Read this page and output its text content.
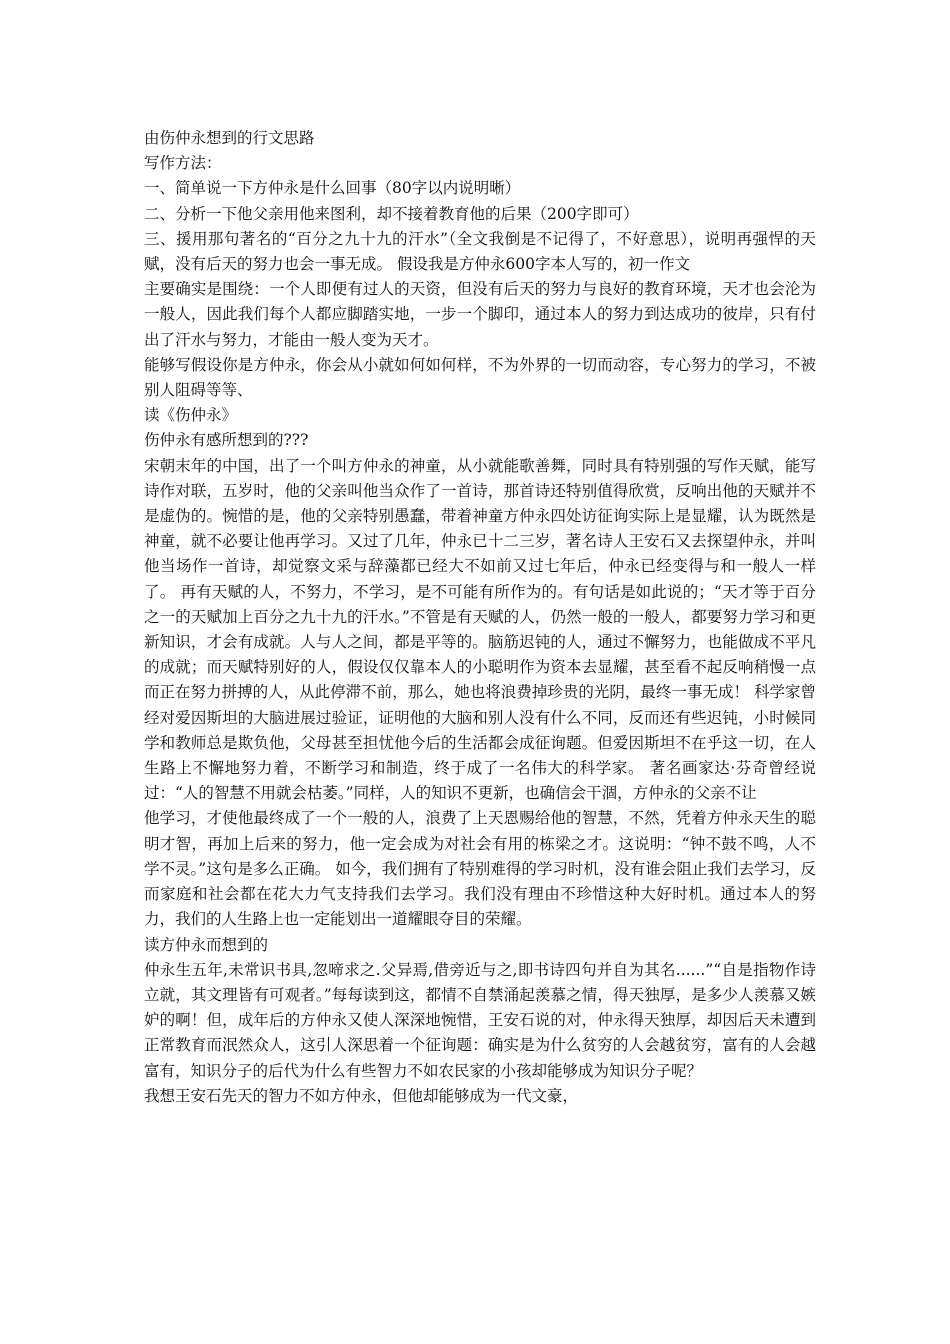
由伤仲永想到的行文思路
写作方法：
一、简单说一下方仲永是什么回事（80字以内说明晰）
二、分析一下他父亲用他来图利，却不接着教育他的后果（200字即可）
三、援用那句著名的“百分之九十九的汗水”（全文我倒是不记得了，不好意思），说明再强悍的天赋，没有后天的努力也会一事无成。 假设我是方仲永600字本人写的，初一作文
主要确实是围绕：一个人即便有过人的天资，但没有后天的努力与良好的教育环境，天才也会沦为一般人，因此我们每个人都应脚踏实地，一步一个脚印，通过本人的努力到达成功的彼岸，只有付出了汗水与努力，才能由一般人变为天才。
能够写假设你是方仲永，你会从小就如何如何样，不为外界的一切而动容，专心努力的学习，不被别人阻碍等等、
读《伤仲永》
伤仲永有感所想到的???
宋朝末年的中国，出了一个叫方仲永的神童，从小就能歌善舞，同时具有特别强的写作天赋，能写诗作对联，五岁时，他的父亲叫他当众作了一首诗，那首诗还特别值得欣赏，反响出他的天赋并不是虚伪的。惋惜的是，他的父亲特别愚蠢，带着神童方仲永四处访征询实际上是显耀，认为既然是神童，就不必要让他再学习。又过了几年，仲永已十二三岁，著名诗人王安石又去探望仲永，并叫他当场作一首诗，却觉察文采与辞藻都已经大不如前又过七年后，仲永已经变得与和一般人一样了。 再有天赋的人，不努力，不学习，是不可能有所作为的。有句话是如此说的；“天才等于百分之一的天赋加上百分之九十九的汗水。”不管是有天赋的人，仍然一般的一般人，都要努力学习和更新知识，才会有成就。人与人之间，都是平等的。脑筋迟钝的人，通过不懈努力，也能做成不平凡的成就；而天赋特别好的人，假设仅仅靠本人的小聪明作为资本去显耀，甚至看不起反响稍慢一点而正在努力拼搏的人，从此停滞不前，那么，她也将浪费掉珍贵的光阴，最终一事无成！ 科学家曾经对爱因斯坦的大脑进展过验证，证明他的大脑和别人没有什么不同，反而还有些迟钝，小时候同学和教师总是欺负他，父母甚至担忧他今后的生活都会成征询题。但爱因斯坦不在乎这一切，在人生路上不懈地努力着，不断学习和制造，终于成了一名伟大的科学家。 著名画家达·芬奇曾经说过：“人的智慧不用就会枯萎。”同样，人的知识不更新，也确信会干涸，方仲永的父亲不让
他学习，才使他最终成了一个一般的人，浪费了上天恩赐给他的智慧，不然，凭着方仲永天生的聪明才智，再加上后来的努力，他一定会成为对社会有用的栋梁之才。这说明：“钟不鼓不鸣，人不学不灵。”这句是多么正确。 如今，我们拥有了特别难得的学习时机，没有谁会阻止我们去学习，反而家庭和社会都在花大力气支持我们去学习。我们没有理由不珍惜这种大好时机。通过本人的努力，我们的人生路上也一定能划出一道耀眼夺目的荣耀。
读方仲永而想到的
仲永生五年,未常识书具,忽啼求之.父异焉,借旁近与之,即书诗四句并自为其名......”“自是指物作诗立就，其文理皆有可观者。”每每读到这，都情不自禁涌起羡慕之情，得天独厚，是多少人羡慕又嫉妒的啊！但，成年后的方仲永又使人深深地惋惜，王安石说的对，仲永得天独厚，却因后天未遭到正常教育而泯然众人，这引人深思着一个征询题：确实是为什么贫穷的人会越贫穷，富有的人会越富有，知识分子的后代为什么有些智力不如农民家的小孩却能够成为知识分子呢？
我想王安石先天的智力不如方仲永，但他却能够成为一代文豪，
